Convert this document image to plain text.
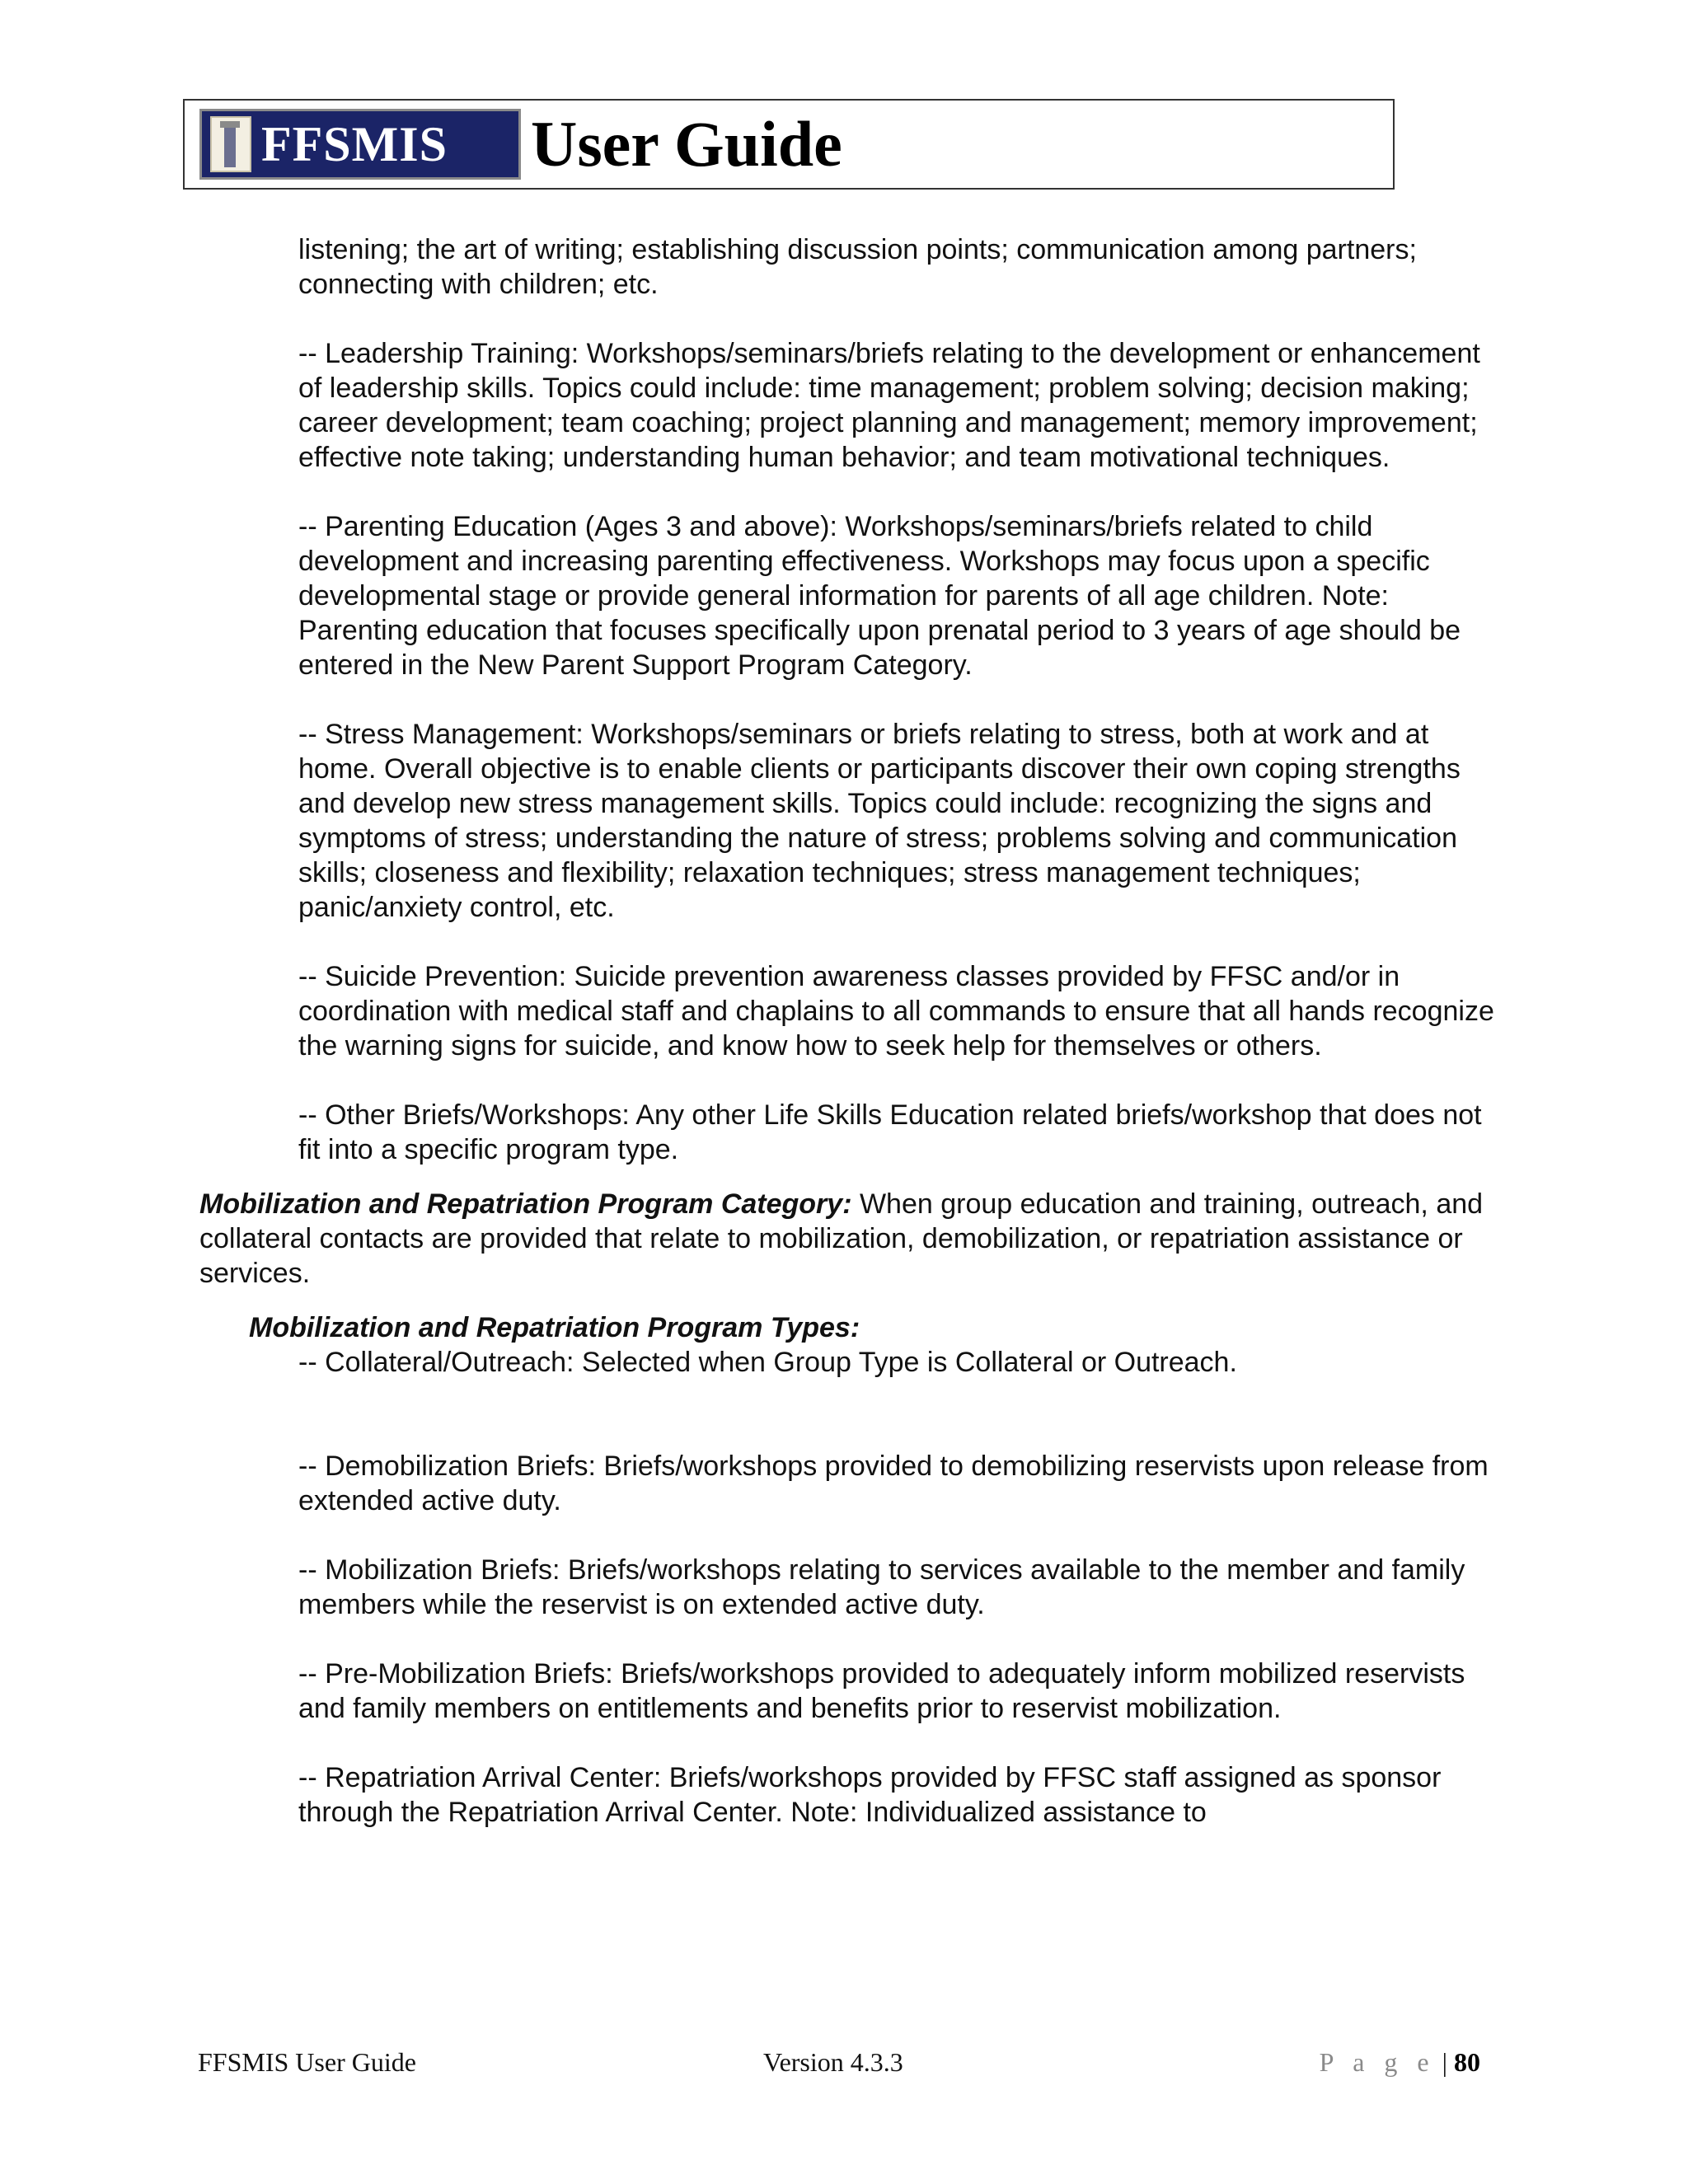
FFSMIS User Guide

listening; the art of writing; establishing discussion points; communication among partners; connecting with children; etc.

-- Leadership Training: Workshops/seminars/briefs relating to the development or enhancement of leadership skills. Topics could include: time management; problem solving; decision making; career development; team coaching; project planning and management; memory improvement; effective note taking; understanding human behavior; and team motivational techniques.

-- Parenting Education (Ages 3 and above): Workshops/seminars/briefs related to child development and increasing parenting effectiveness. Workshops may focus upon a specific developmental stage or provide general information for parents of all age children. Note: Parenting education that focuses specifically upon prenatal period to 3 years of age should be entered in the New Parent Support Program Category.

-- Stress Management: Workshops/seminars or briefs relating to stress, both at work and at home. Overall objective is to enable clients or participants discover their own coping strengths and develop new stress management skills. Topics could include: recognizing the signs and symptoms of stress; understanding the nature of stress; problems solving and communication skills; closeness and flexibility; relaxation techniques; stress management techniques; panic/anxiety control, etc.

-- Suicide Prevention: Suicide prevention awareness classes provided by FFSC and/or in coordination with medical staff and chaplains to all commands to ensure that all hands recognize the warning signs for suicide, and know how to seek help for themselves or others.

-- Other Briefs/Workshops: Any other Life Skills Education related briefs/workshop that does not fit into a specific program type.

Mobilization and Repatriation Program Category: When group education and training, outreach, and collateral contacts are provided that relate to mobilization, demobilization, or repatriation assistance or services.

Mobilization and Repatriation Program Types:

-- Collateral/Outreach: Selected when Group Type is Collateral or Outreach.

-- Demobilization Briefs: Briefs/workshops provided to demobilizing reservists upon release from extended active duty.

-- Mobilization Briefs: Briefs/workshops relating to services available to the member and family members while the reservist is on extended active duty.

-- Pre-Mobilization Briefs: Briefs/workshops provided to adequately inform mobilized reservists and family members on entitlements and benefits prior to reservist mobilization.

-- Repatriation Arrival Center: Briefs/workshops provided by FFSC staff assigned as sponsor through the Repatriation Arrival Center. Note: Individualized assistance to

FFSMIS User Guide	Version 4.3.3	P a g e | 80
